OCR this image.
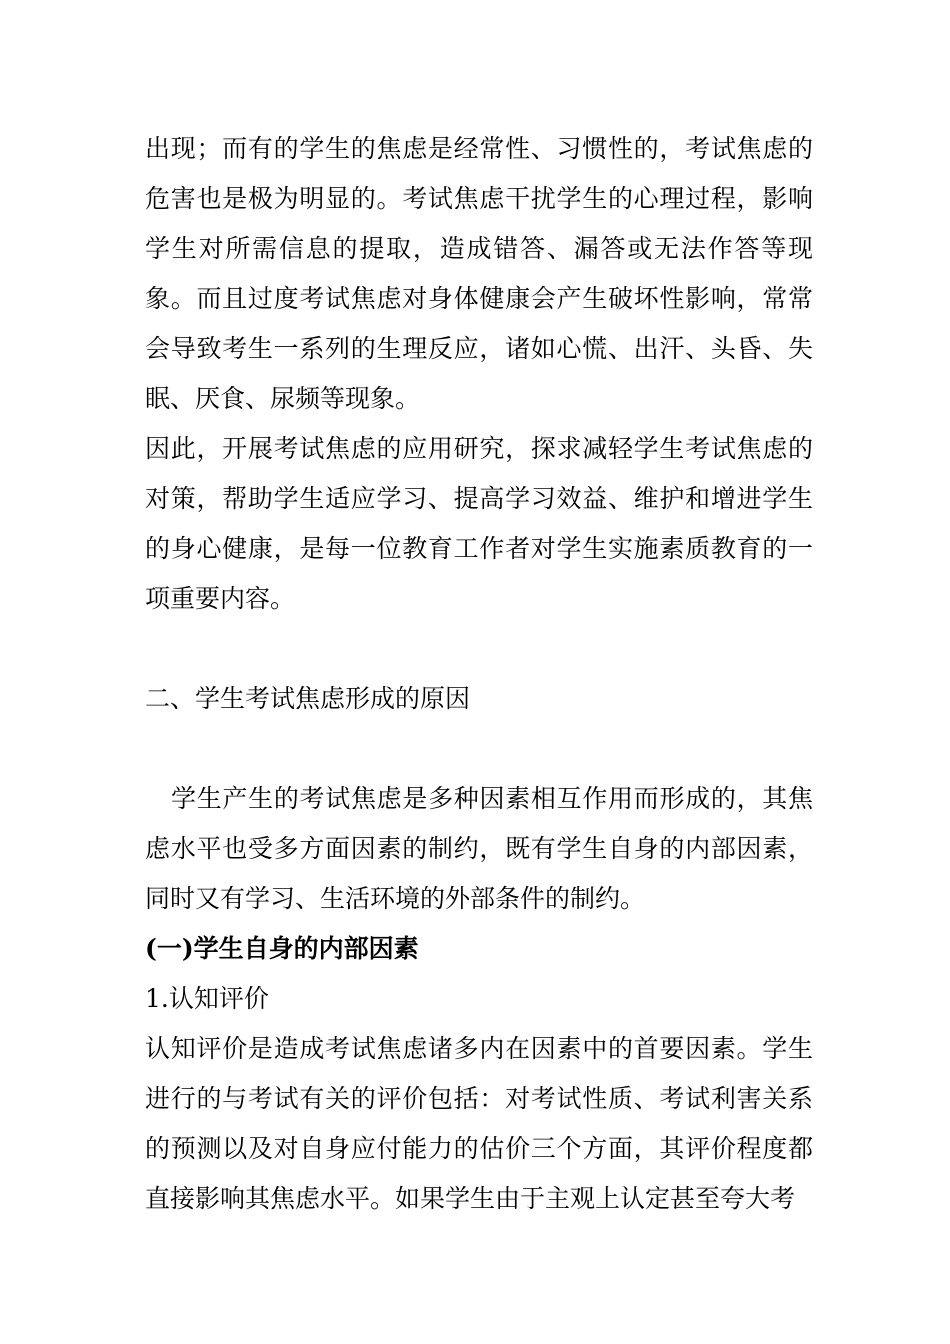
出现；而有的学生的焦虑是经常性、习惯性的，考试焦虑的危害也是极为明显的。考试焦虑干扰学生的心理过程，影响学生对所需信息的提取，造成错答、漏答或无法作答等现象。而且过度考试焦虑对身体健康会产生破坏性影响，常常会导致考生一系列的生理反应，诸如心慌、出汗、头昏、失眠、厌食、尿频等现象。

因此，开展考试焦虑的应用研究，探求减轻学生考试焦虑的对策，帮助学生适应学习、提高学习效益、维护和增进学生的身心健康，是每一位教育工作者对学生实施素质教育的一项重要内容。

二、学生考试焦虑形成的原因

学生产生的考试焦虑是多种因素相互作用而形成的，其焦虑水平也受多方面因素的制约，既有学生自身的内部因素，同时又有学习、生活环境的外部条件的制约。

(一)学生自身的内部因素

1.认知评价

认知评价是造成考试焦虑诸多内在因素中的首要因素。学生进行的与考试有关的评价包括：对考试性质、考试利害关系的预测以及对自身应付能力的估价三个方面，其评价程度都直接影响其焦虑水平。如果学生由于主观上认定甚至夸大考
